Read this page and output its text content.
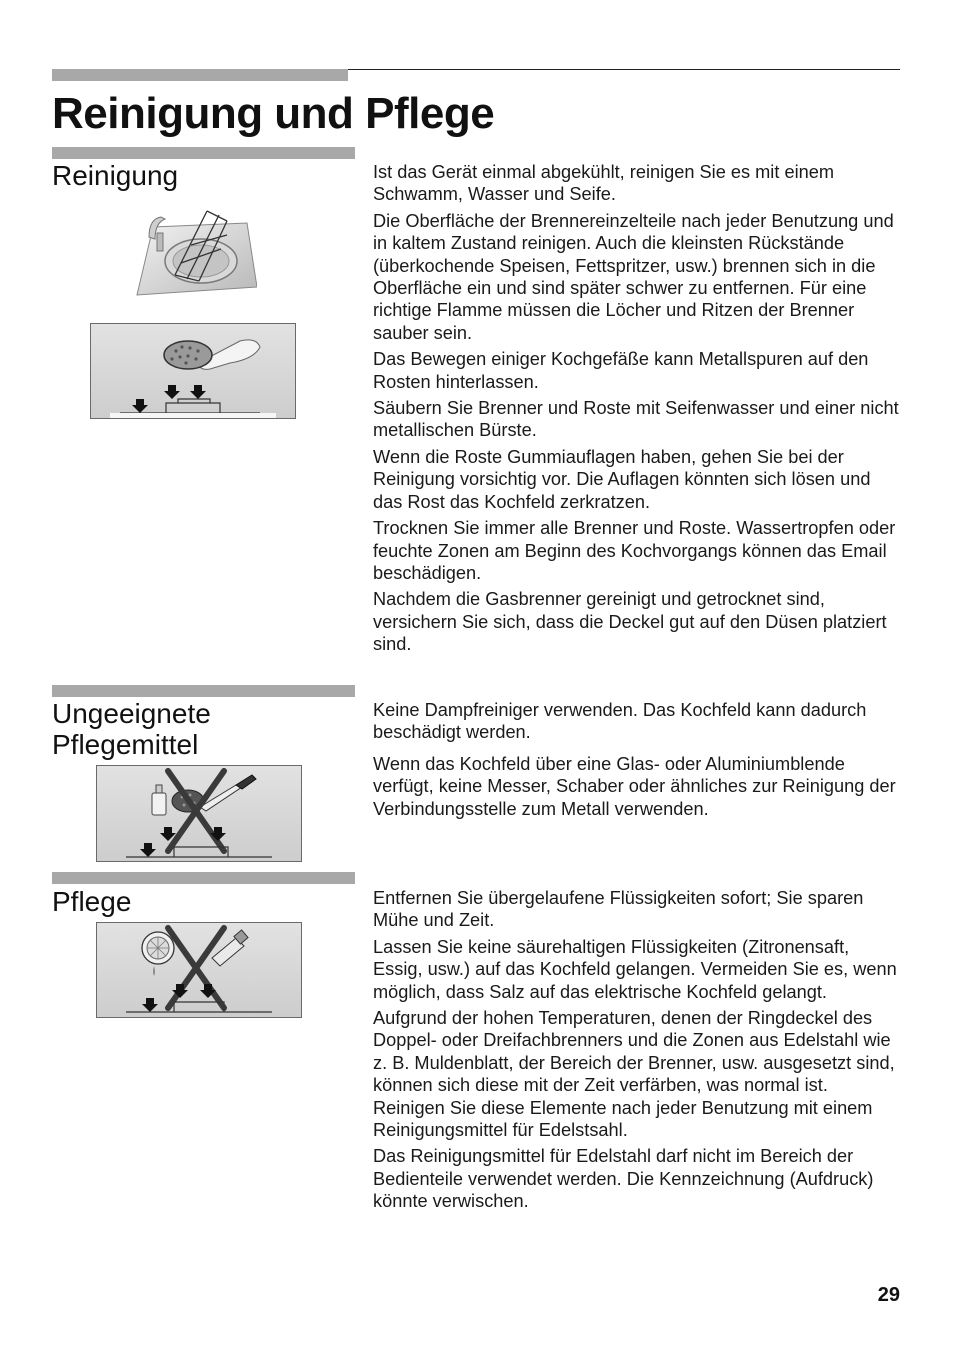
Reinigung und Pflege
Reinigung	Ist das Gerät einmal abgekühlt, reinigen Sie es mit einem Schwamm, Wasser und Seife.

Die Oberfläche der Brennereinzelteile nach jeder Benutzung und in kaltem Zustand reinigen. Auch die kleinsten Rückstände (überkochende Speisen, Fettspritzer, usw.) brennen sich in die Oberfläche ein und sind später schwer zu entfernen. Für eine richtige Flamme müssen die Löcher und Ritzen der Brenner sauber sein.

Das Bewegen einiger Kochgefäße kann Metallspuren auf den Rosten hinterlassen.

Säubern Sie Brenner und Roste mit Seifenwasser und einer nicht metallischen Bürste.

Wenn die Roste Gummiauflagen haben, gehen Sie bei der Reinigung vorsichtig vor. Die Auflagen könnten sich lösen und das Rost das Kochfeld zerkratzen.

Trocknen Sie immer alle Brenner und Roste. Wassertropfen oder feuchte Zonen am Beginn des Kochvorgangs können das Email beschädigen.

Nachdem die Gasbrenner gereinigt und getrocknet sind, versichern Sie sich, dass die Deckel gut auf den Düsen platziert sind.

Ungeeignete
Pflegemittel

Keine Dampfreiniger verwenden. Das Kochfeld kann dadurch beschädigt werden.

Wenn das Kochfeld über eine Glas- oder Aluminiumblende verfügt, keine Messer, Schaber oder ähnliches zur Reinigung der Verbindungsstelle zum Metall verwenden.

Pflege	Entfernen Sie übergelaufene Flüssigkeiten sofort; Sie sparen Mühe und Zeit.

Lassen Sie keine säurehaltigen Flüssigkeiten (Zitronensaft, Essig, usw.) auf das Kochfeld gelangen. Vermeiden Sie es, wenn möglich, dass Salz auf das elektrische Kochfeld gelangt.

Aufgrund der hohen Temperaturen, denen der Ringdeckel des Doppel- oder Dreifachbrenners und die Zonen aus Edelstahl wie z. B. Muldenblatt, der Bereich der Brenner, usw. ausgesetzt sind, können sich diese mit der Zeit verfärben, was normal ist. Reinigen Sie diese Elemente nach jeder Benutzung mit einem Reinigungsmittel für Edelstsahl.

Das Reinigungsmittel für Edelstahl darf nicht im Bereich der Bedienteile verwendet werden. Die Kennzeichnung (Aufdruck) könnte verwischen.

29
